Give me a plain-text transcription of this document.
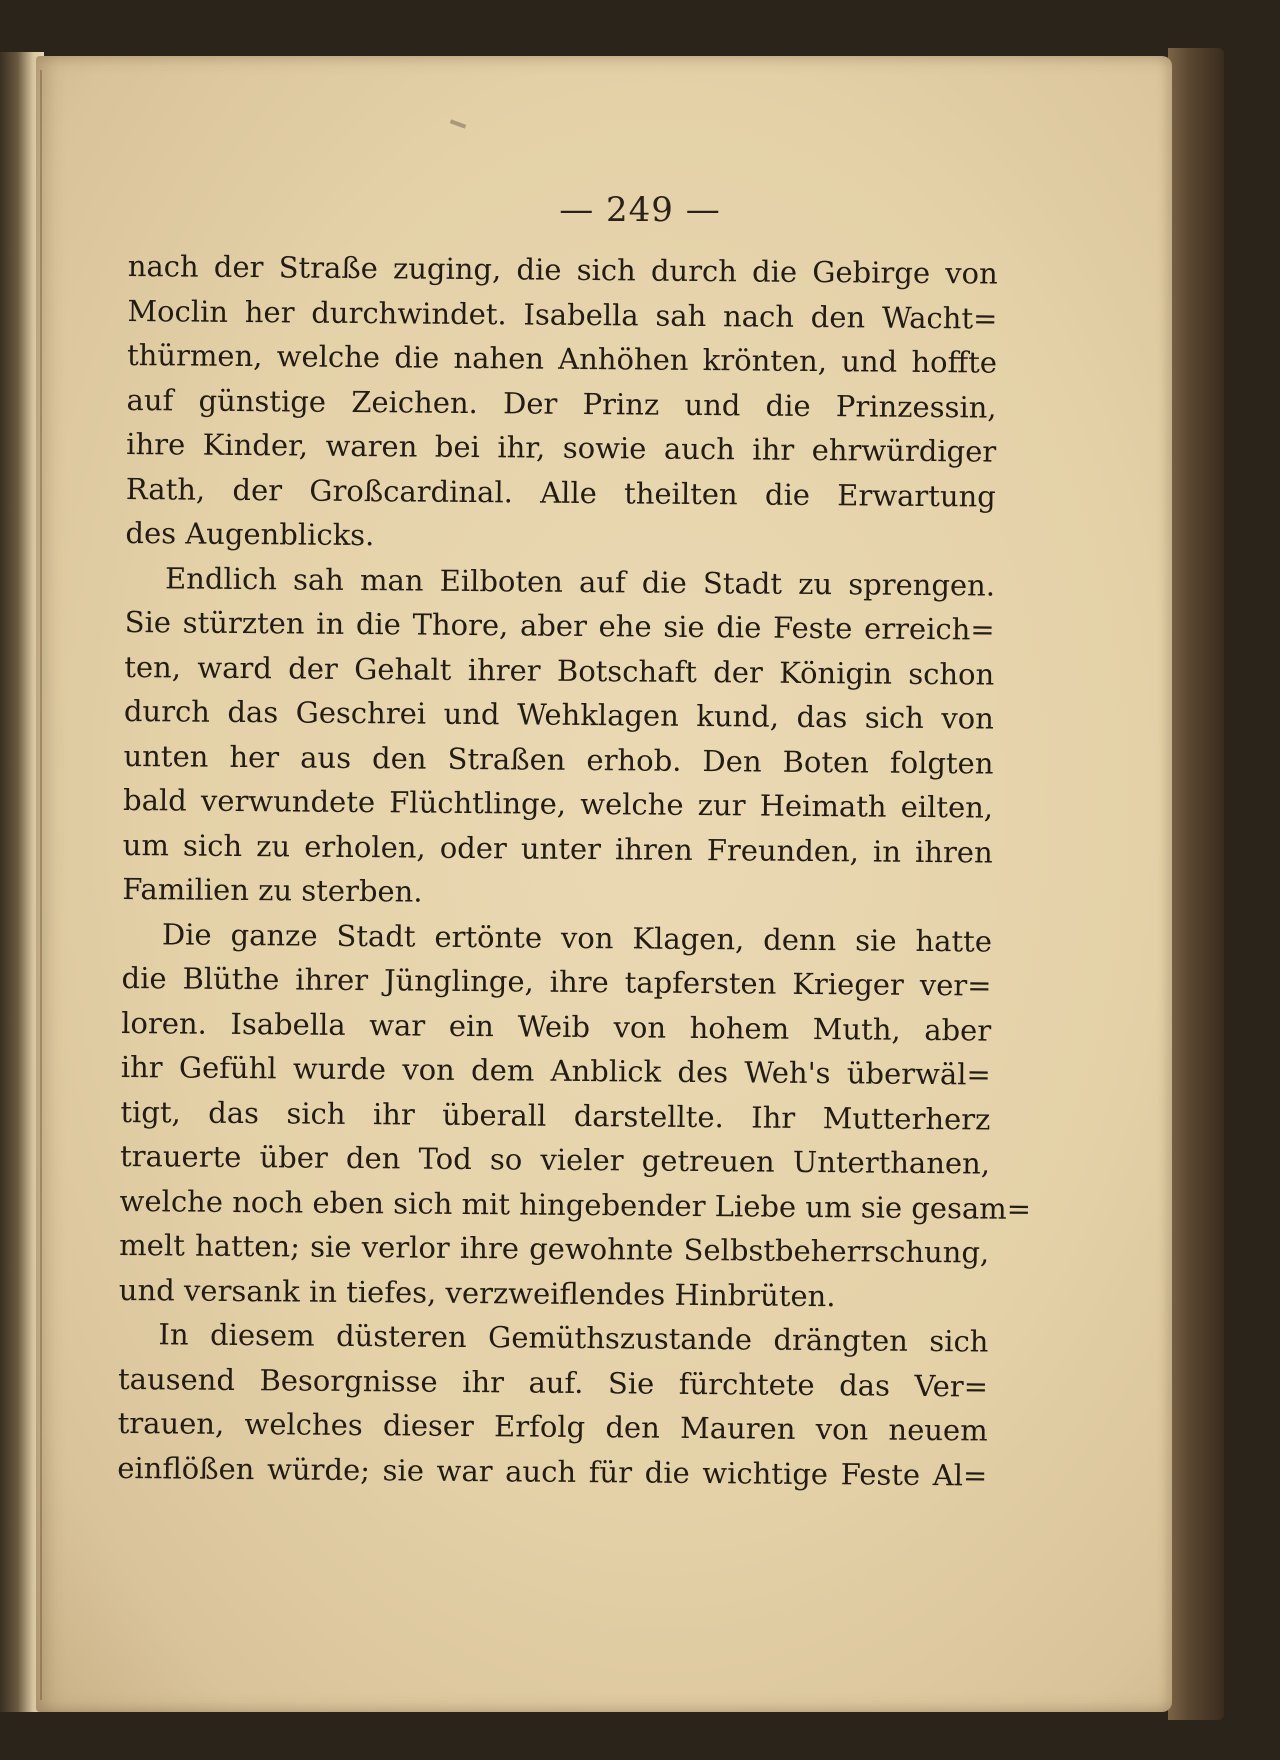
— 249 —
nach der Straße zuging, die sich durch die Gebirge von
Moclin her durchwindet. Isabella sah nach den Wacht=
thürmen, welche die nahen Anhöhen krönten, und hoffte
auf günstige Zeichen. Der Prinz und die Prinzessin,
ihre Kinder, waren bei ihr, sowie auch ihr ehrwürdiger
Rath, der Großcardinal. Alle theilten die Erwartung
des Augenblicks.
Endlich sah man Eilboten auf die Stadt zu sprengen.
Sie stürzten in die Thore, aber ehe sie die Feste erreich=
ten, ward der Gehalt ihrer Botschaft der Königin schon
durch das Geschrei und Wehklagen kund, das sich von
unten her aus den Straßen erhob. Den Boten folgten
bald verwundete Flüchtlinge, welche zur Heimath eilten,
um sich zu erholen, oder unter ihren Freunden, in ihren
Familien zu sterben.
Die ganze Stadt ertönte von Klagen, denn sie hatte
die Blüthe ihrer Jünglinge, ihre tapfersten Krieger ver=
loren. Isabella war ein Weib von hohem Muth, aber
ihr Gefühl wurde von dem Anblick des Weh's überwäl=
tigt, das sich ihr überall darstellte. Ihr Mutterherz
trauerte über den Tod so vieler getreuen Unterthanen,
welche noch eben sich mit hingebender Liebe um sie gesam=
melt hatten; sie verlor ihre gewohnte Selbstbeherrschung,
und versank in tiefes, verzweiflendes Hinbrüten.
In diesem düsteren Gemüthszustande drängten sich
tausend Besorgnisse ihr auf. Sie fürchtete das Ver=
trauen, welches dieser Erfolg den Mauren von neuem
einflößen würde; sie war auch für die wichtige Feste Al=
